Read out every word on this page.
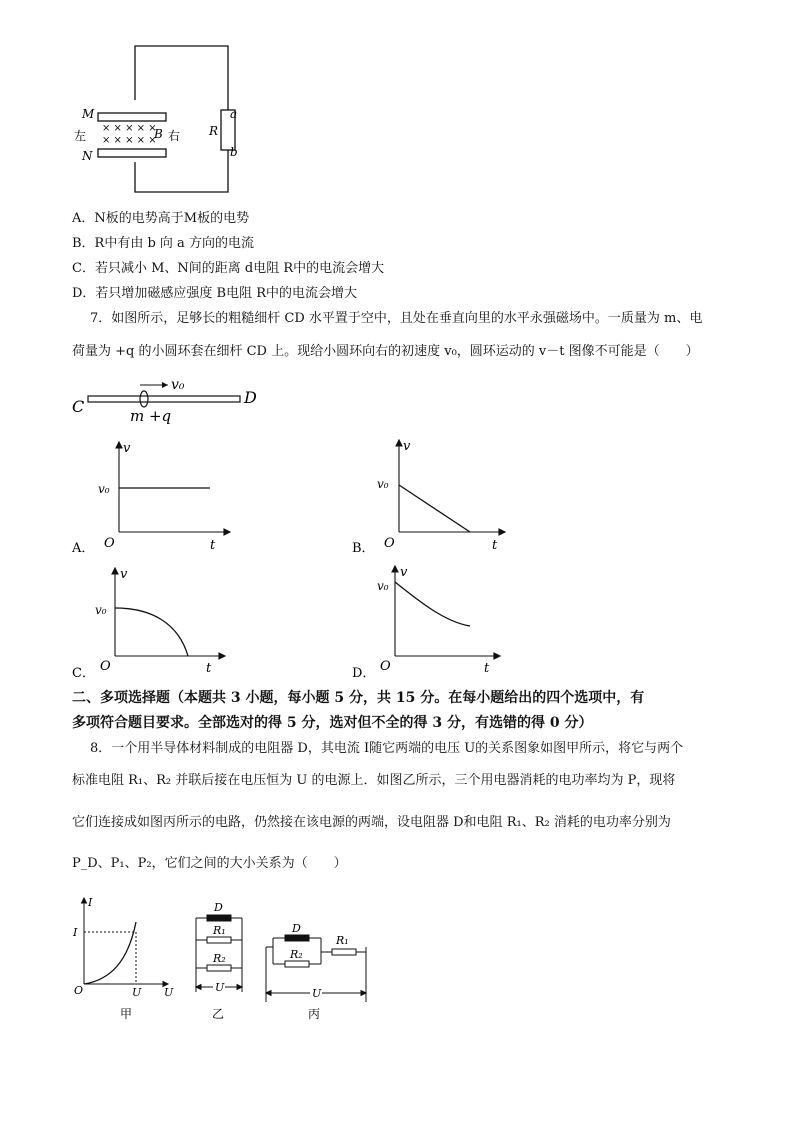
M
N
左	右
× × × × ×
× × × × ×
B	R
a
b
A．N板的电势高于M板的电势
B．R中有由 b 向 a 方向的电流
C．若只减小 M、N间的距离 d电阻 R中的电流会增大
D．若只增加磁感应强度 B电阻 R中的电流会增大
7．如图所示，足够长的粗糙细杆 CD 水平置于空中，且处在垂直向里的水平永强磁场中。一质量为 m、电
荷量为 +q 的小圆环套在细杆 CD 上。现给小圆环向右的初速度 v₀，圆环运动的 v－t 图像不可能是（　　）
C	D
v₀
m +q
v
t
O
v₀
A．
v
t
O
v₀
B．
v
t
O
v₀
C．
v
t
O
v₀
D．
二、多项选择题（本题共 3 小题，每小题 5 分，共 15 分。在每小题给出的四个选项中，有
多项符合题目要求。全部选对的得 5 分，选对但不全的得 3 分，有选错的得 0 分）
8．一个用半导体材料制成的电阻器 D，其电流 I随它两端的电压 U的关系图象如图甲所示，将它与两个
标准电阻 R₁、R₂ 并联后接在电压恒为 U 的电源上．如图乙所示，三个用电器消耗的电功率均为 P，现将
它们连接成如图丙所示的电路，仍然接在该电源的两端，设电阻器 D和电阻 R₁、R₂ 消耗的电功率分别为
P_D、P₁、P₂，它们之间的大小关系为（　　）
I
I
O	U U
甲
D
R₁
R₂
U
乙
D
R₂
R₁
U
丙
